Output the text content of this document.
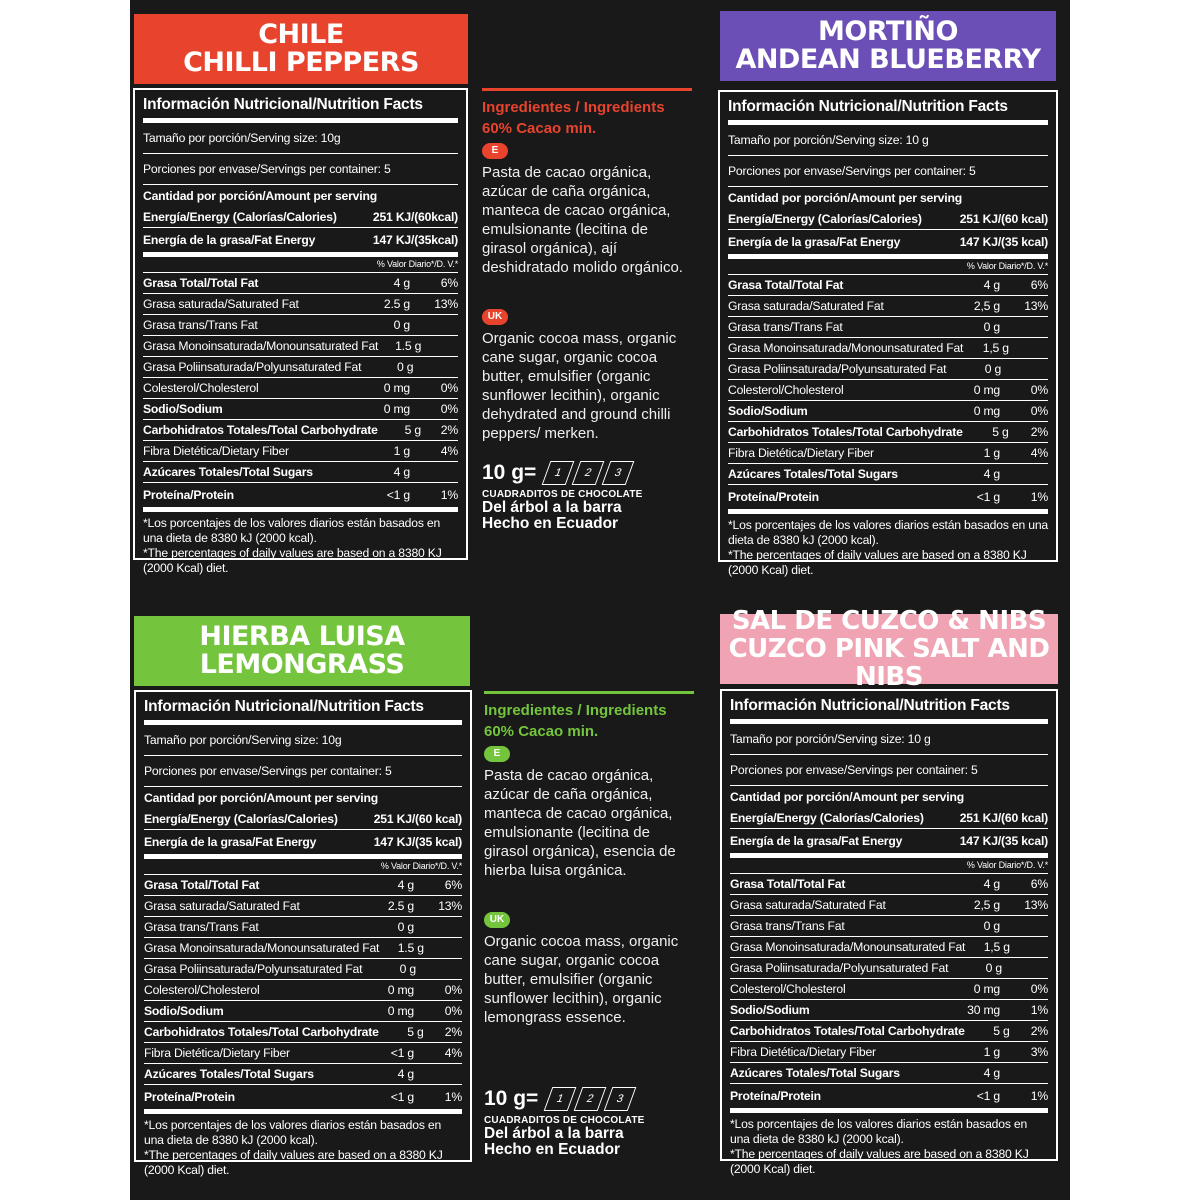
CHILE
CHILLI PEPPERS
MORTIÑO
ANDEAN BLUEBERRY
HIERBA LUISA
LEMONGRASS
SAL DE CUZCO & NIBS
CUZCO PINK SALT AND NIBS
Información Nutricional/Nutrition Facts
Tamaño por porción/Serving size: 10g
Porciones por envase/Servings per container: 5
Cantidad por porción/Amount per serving
Energía/Energy (Calorías/Calories)	251 KJ/(60kcal)
Energía de la grasa/Fat Energy	147 KJ/(35kcal)
% Valor Diario*/D. V.*
Grasa Total/Total Fat	4 g	6%
Grasa saturada/Saturated Fat	2.5 g	13%
Grasa trans/Trans Fat	0 g
Grasa Monoinsaturada/Monounsaturated Fat	1.5 g
Grasa Poliinsaturada/Polyunsaturated Fat	0 g
Colesterol/Cholesterol	0 mg	0%
Sodio/Sodium	0 mg	0%
Carbohidratos Totales/Total Carbohydrate	5 g	2%
Fibra Dietética/Dietary Fiber	1 g	4%
Azúcares Totales/Total Sugars	4 g
Proteína/Protein	<1 g	1%
*Los porcentajes de los valores diarios están basados en una dieta de 8380 kJ (2000 kcal).
*The percentages of daily values are based on a 8380 KJ (2000 Kcal) diet.
Información Nutricional/Nutrition Facts
Tamaño por porción/Serving size: 10 g
Porciones por envase/Servings per container: 5
Cantidad por porción/Amount per serving
Energía/Energy (Calorías/Calories)	251 KJ/(60 kcal)
Energía de la grasa/Fat Energy	147 KJ/(35 kcal)
% Valor Diario*/D. V.*
Grasa Total/Total Fat	4 g	6%
Grasa saturada/Saturated Fat	2,5 g	13%
Grasa trans/Trans Fat	0 g
Grasa Monoinsaturada/Monounsaturated Fat	1,5 g
Grasa Poliinsaturada/Polyunsaturated Fat	0 g
Colesterol/Cholesterol	0 mg	0%
Sodio/Sodium	0 mg	0%
Carbohidratos Totales/Total Carbohydrate	5 g	2%
Fibra Dietética/Dietary Fiber	1 g	4%
Azúcares Totales/Total Sugars	4 g
Proteína/Protein	<1 g	1%
*Los porcentajes de los valores diarios están basados en una dieta de 8380 kJ (2000 kcal).
*The percentages of daily values are based on a 8380 KJ (2000 Kcal) diet.
Información Nutricional/Nutrition Facts
Tamaño por porción/Serving size: 10g
Porciones por envase/Servings per container: 5
Cantidad por porción/Amount per serving
Energía/Energy (Calorías/Calories)	251 KJ/(60 kcal)
Energía de la grasa/Fat Energy	147 KJ/(35 kcal)
% Valor Diario*/D. V.*
Grasa Total/Total Fat	4 g	6%
Grasa saturada/Saturated Fat	2.5 g	13%
Grasa trans/Trans Fat	0 g
Grasa Monoinsaturada/Monounsaturated Fat	1.5 g
Grasa Poliinsaturada/Polyunsaturated Fat	0 g
Colesterol/Cholesterol	0 mg	0%
Sodio/Sodium	0 mg	0%
Carbohidratos Totales/Total Carbohydrate	5 g	2%
Fibra Dietética/Dietary Fiber	<1 g	4%
Azúcares Totales/Total Sugars	4 g
Proteína/Protein	<1 g	1%
*Los porcentajes de los valores diarios están basados en una dieta de 8380 kJ (2000 kcal).
*The percentages of daily values are based on a 8380 KJ (2000 Kcal) diet.
Información Nutricional/Nutrition Facts
Tamaño por porción/Serving size: 10 g
Porciones por envase/Servings per container: 5
Cantidad por porción/Amount per serving
Energía/Energy (Calorías/Calories)	251 KJ/(60 kcal)
Energía de la grasa/Fat Energy	147 KJ/(35 kcal)
% Valor Diario*/D. V.*
Grasa Total/Total Fat	4 g	6%
Grasa saturada/Saturated Fat	2,5 g	13%
Grasa trans/Trans Fat	0 g
Grasa Monoinsaturada/Monounsaturated Fat	1,5 g
Grasa Poliinsaturada/Polyunsaturated Fat	0 g
Colesterol/Cholesterol	0 mg	0%
Sodio/Sodium	30 mg	1%
Carbohidratos Totales/Total Carbohydrate	5 g	2%
Fibra Dietética/Dietary Fiber	1 g	3%
Azúcares Totales/Total Sugars	4 g
Proteína/Protein	<1 g	1%
*Los porcentajes de los valores diarios están basados en una dieta de 8380 kJ (2000 kcal).
*The percentages of daily values are based on a 8380 KJ (2000 Kcal) diet.
Ingredientes / Ingredients
60% Cacao min.
E
Pasta de cacao orgánica, azúcar de caña orgánica, manteca de cacao orgánica, emulsionante (lecitina de girasol orgánica), ají deshidratado molido orgánico.
UK
Organic cocoa mass, organic cane sugar, organic cocoa butter, emulsifier (organic sunflower lecithin), organic dehydrated and ground chilli peppers/ merken.
10 g=	1	2	3
CUADRADITOS DE CHOCOLATE
Del árbol a la barra
Hecho en Ecuador
Ingredientes / Ingredients
60% Cacao min.
E
Pasta de cacao orgánica, azúcar de caña orgánica, manteca de cacao orgánica, emulsionante (lecitina de girasol orgánica), esencia de hierba luisa orgánica.
UK
Organic cocoa mass, organic cane sugar, organic cocoa butter, emulsifier (organic sunflower lecithin), organic lemongrass essence.
10 g=	1	2	3
CUADRADITOS DE CHOCOLATE
Del árbol a la barra
Hecho en Ecuador
